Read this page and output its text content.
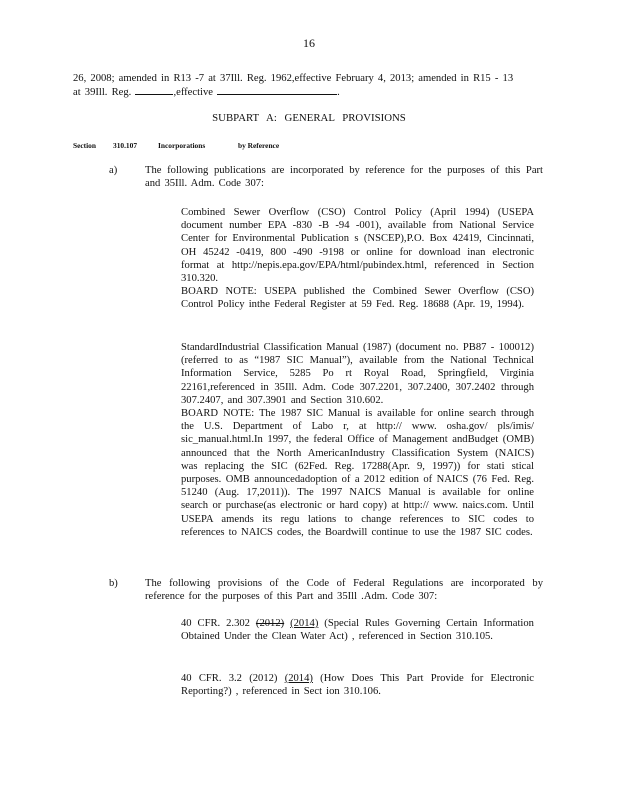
16
26, 2008; amended in R13 -7 at 37Ill. Reg. 1962,effective February 4, 2013; amended in R15 - 13
at 39Ill. Reg.	,effective	.
SUBPART A: GENERAL PROVISIONS
Section 310.107	Incorporations	by Reference
a)	The following publications are incorporated by reference for the purposes of this Part and 35Ill. Adm. Code 307:

Combined Sewer Overflow (CSO) Control Policy (April 1994) (USEPA document number EPA -830 -B -94 -001), available from National Service Center for Environmental Publication s (NSCEP),P.O. Box 42419, Cincinnati, OH 45242 -0419, 800 -490 -9198 or online for download inan electronic format at http://nepis.epa.gov/EPA/html/pubindex.html, referenced in Section 310.320.

BOARD NOTE: USEPA published the Combined Sewer Overflow (CSO) Control Policy inthe Federal Register at 59 Fed. Reg. 18688 (Apr. 19, 1994).

StandardIndustrial Classification Manual (1987) (document no. PB87 - 100012) (referred to as “1987 SIC Manual”), available from the National Technical Information Service, 5285 Po rt Royal Road, Springfield, Virginia 22161,referenced in 35Ill. Adm. Code 307.2201, 307.2400, 307.2402 through 307.2407, and 307.3901 and Section 310.602.

BOARD NOTE: The 1987 SIC Manual is available for online search through the U.S. Department of Labo r, at http:// www. osha.gov/ pls/imis/ sic_manual.html.In 1997, the federal Office of Management andBudget (OMB) announced that the North AmericanIndustry Classification System (NAICS) was replacing the SIC (62Fed. Reg. 17288(Apr. 9, 1997)) for stati stical purposes. OMB announcedadoption of a 2012 edition of NAICS (76 Fed. Reg. 51240 (Aug. 17,2011)). The 1997 NAICS Manual is available for online search or purchase(as electronic or hard copy) at http:// www. naics.com. Until USEPA amends its regu lations to change references to SIC codes to references to NAICS codes, the Boardwill continue to use the 1987 SIC codes.

b)	The following provisions of the Code of Federal Regulations are incorporated by reference for the purposes of this Part and 35Ill .Adm. Code 307:
40 CFR. 2.302 (2012) (2014) (Special Rules Governing Certain Information Obtained Under the Clean Water Act) , referenced in Section 310.105.
40 CFR. 3.2 (2012) (2014) (How Does This Part Provide for Electronic Reporting?) , referenced in Sect ion 310.106.
